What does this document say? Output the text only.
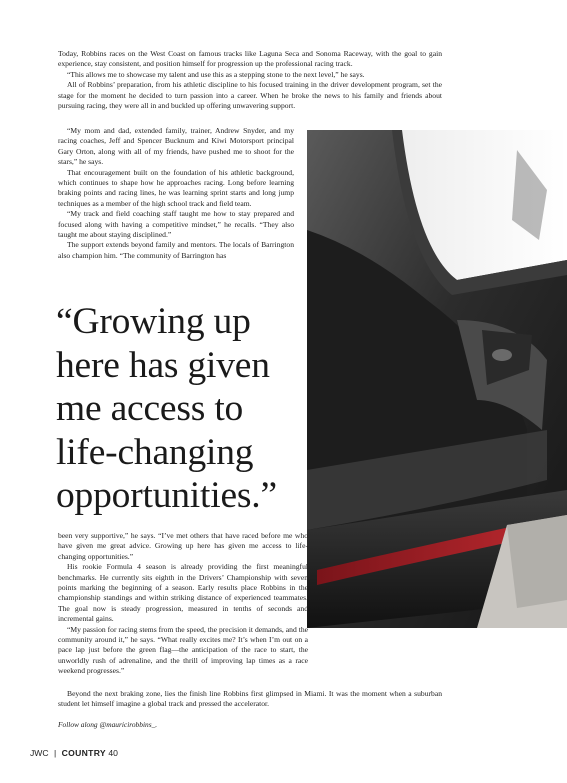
Today, Robbins races on the West Coast on famous tracks like Laguna Seca and Sonoma Raceway, with the goal to gain experience, stay consistent, and position himself for progression up the professional racing track.

“This allows me to showcase my talent and use this as a stepping stone to the next level,” he says.

All of Robbins’ preparation, from his athletic discipline to his focused training in the driver development program, set the stage for the moment he decided to turn passion into a career. When he broke the news to his family and friends about pursuing racing, they were all in and buckled up offering unwavering support.

“My mom and dad, extended family, trainer, Andrew Snyder, and my racing coaches, Jeff and Spencer Bucknum and Kiwi Motorsport principal Gary Orton, along with all of my friends, have pushed me to shoot for the stars,” he says.

That encouragement built on the foundation of his athletic background, which continues to shape how he approaches racing. Long before learning braking points and racing lines, he was learning sprint starts and long jump techniques as a member of the high school track and field team.

“My track and field coaching staff taught me how to stay prepared and focused along with having a competitive mindset,” he recalls. “They also taught me about staying disciplined.”

The support extends beyond family and mentors. The locals of Barrington also champion him. “The community of Barrington has

“Growing up
here has given
me access to
life-changing
opportunities.”

been very supportive,” he says. “I’ve met others that have raced before me who have given me great advice. Growing up here has given me access to life-changing opportunities.”

His rookie Formula 4 season is already providing the first meaningful benchmarks. He currently sits eighth in the Drivers’ Championship with seven points marking the beginning of a season. Early results place Robbins in the championship standings and within striking distance of experienced teammates. The goal now is steady progression, measured in tenths of seconds and incremental gains.

“My passion for racing stems from the speed, the precision it demands, and the community around it,” he says. “What really excites me? It’s when I’m out on a pace lap just before the green flag—the anticipation of the race to start, the unworldly rush of adrenaline, and the thrill of improving lap times as a race weekend progresses.”

Beyond the next braking zone, lies the finish line Robbins first glimpsed in Miami. It was the moment when a suburban student let himself imagine a global track and pressed the accelerator.

Follow along @mauricirobbins_.
JWC | COUNTRY 40
